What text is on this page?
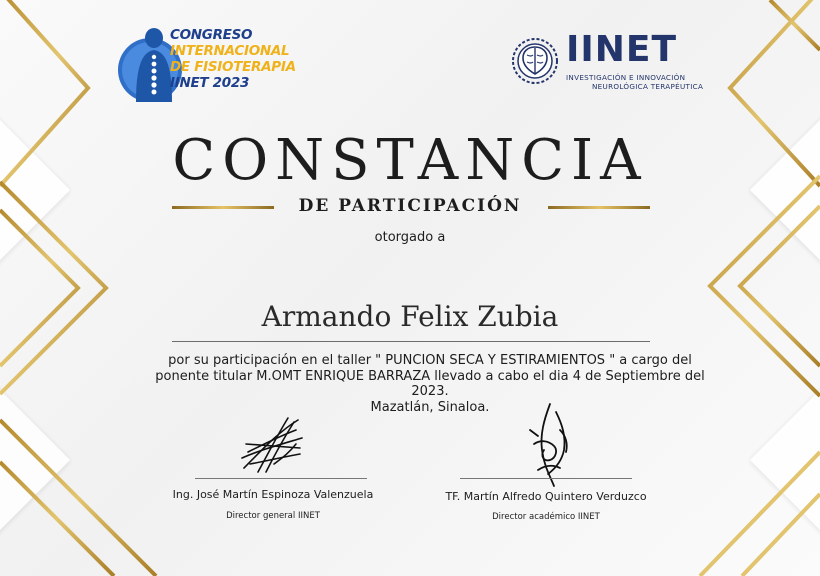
CONGRESO
INTERNACIONAL
DE FISIOTERAPIA
IINET 2023
IINET
INVESTIGACIÓN E INNOVACIÓN
NEUROLÓGICA TERAPÉUTICA
CONSTANCIA
DE PARTICIPACIÓN
otorgado a
Armando Felix Zubia
por su participación en el taller " PUNCION SECA Y ESTIRAMIENTOS " a cargo del
ponente titular M.OMT ENRIQUE BARRAZA llevado a cabo el dia 4 de Septiembre del
2023.
Mazatlán, Sinaloa.
Ing. José Martín Espinoza Valenzuela
Director general IINET
TF. Martín Alfredo Quintero Verduzco
Director académico IINET
